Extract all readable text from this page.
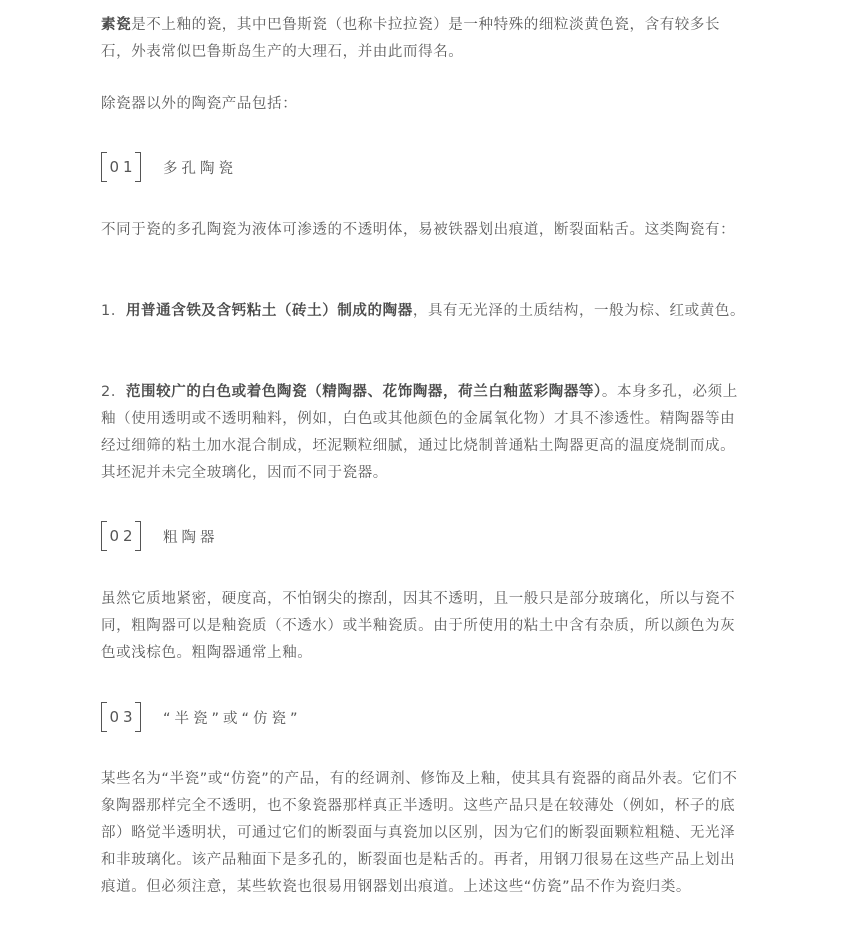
素瓷是不上釉的瓷，其中巴鲁斯瓷（也称卡拉拉瓷）是一种特殊的细粒淡黄色瓷，含有较多长石，外表常似巴鲁斯岛生产的大理石，并由此而得名。

除瓷器以外的陶瓷产品包括：

01 多孔陶瓷

不同于瓷的多孔陶瓷为液体可渗透的不透明体，易被铁器划出痕道，断裂面粘舌。这类陶瓷有：

1．用普通含铁及含钙粘土（砖土）制成的陶器，具有无光泽的土质结构，一般为棕、红或黄色。

2．范围较广的白色或着色陶瓷（精陶器、花饰陶器，荷兰白釉蓝彩陶器等）。本身多孔，必须上釉（使用透明或不透明釉料，例如，白色或其他颜色的金属氧化物）才具不渗透性。精陶器等由经过细筛的粘土加水混合制成，坯泥颗粒细腻，通过比烧制普通粘土陶器更高的温度烧制而成。其坯泥并未完全玻璃化，因而不同于瓷器。

02 粗陶器

虽然它质地紧密，硬度高，不怕钢尖的擦刮，因其不透明，且一般只是部分玻璃化，所以与瓷不同，粗陶器可以是釉瓷质（不透水）或半釉瓷质。由于所使用的粘土中含有杂质，所以颜色为灰色或浅棕色。粗陶器通常上釉。

03 “半瓷”或“仿瓷”

某些名为“半瓷”或“仿瓷”的产品，有的经调剂、修饰及上釉，使其具有瓷器的商品外表。它们不象陶器那样完全不透明，也不象瓷器那样真正半透明。这些产品只是在较薄处（例如，杯子的底部）略觉半透明状，可通过它们的断裂面与真瓷加以区别，因为它们的断裂面颗粒粗糙、无光泽和非玻璃化。该产品釉面下是多孔的，断裂面也是粘舌的。再者，用钢刀很易在这些产品上划出痕道。但必须注意，某些软瓷也很易用钢器划出痕道。上述这些“仿瓷”品不作为瓷归类。
